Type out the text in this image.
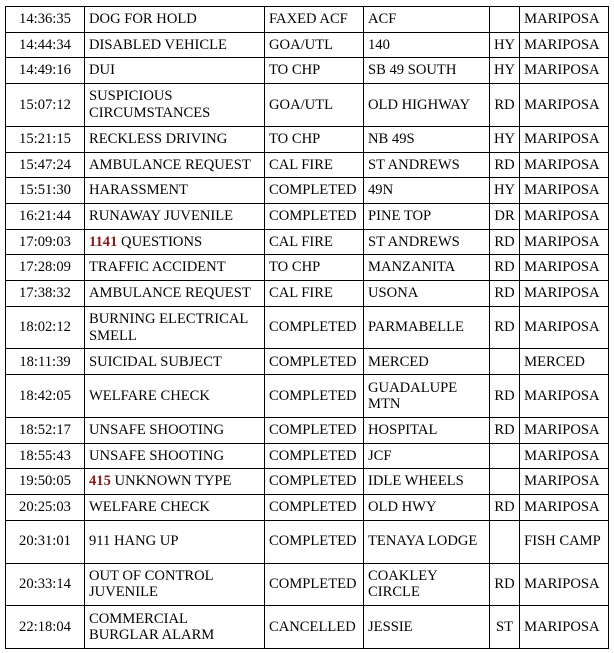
14:36:35	DOG FOR HOLD	FAXED ACF	ACF		MARIPOSA
14:44:34	DISABLED VEHICLE	GOA/UTL	140	HY	MARIPOSA
14:49:16	DUI	TO CHP	SB 49 SOUTH	HY	MARIPOSA
15:07:12	SUSPICIOUS CIRCUMSTANCES	GOA/UTL	OLD HIGHWAY	RD	MARIPOSA
15:21:15	RECKLESS DRIVING	TO CHP	NB 49S	HY	MARIPOSA
15:47:24	AMBULANCE REQUEST	CAL FIRE	ST ANDREWS	RD	MARIPOSA
15:51:30	HARASSMENT	COMPLETED	49N	HY	MARIPOSA
16:21:44	RUNAWAY JUVENILE	COMPLETED	PINE TOP	DR	MARIPOSA
17:09:03	1141 QUESTIONS	CAL FIRE	ST ANDREWS	RD	MARIPOSA
17:28:09	TRAFFIC ACCIDENT	TO CHP	MANZANITA	RD	MARIPOSA
17:38:32	AMBULANCE REQUEST	CAL FIRE	USONA	RD	MARIPOSA
18:02:12	BURNING ELECTRICAL SMELL	COMPLETED	PARMABELLE	RD	MARIPOSA
18:11:39	SUICIDAL SUBJECT	COMPLETED	MERCED		MERCED
18:42:05	WELFARE CHECK	COMPLETED	GUADALUPE MTN	RD	MARIPOSA
18:52:17	UNSAFE SHOOTING	COMPLETED	HOSPITAL	RD	MARIPOSA
18:55:43	UNSAFE SHOOTING	COMPLETED	JCF		MARIPOSA
19:50:05	415 UNKNOWN TYPE	COMPLETED	IDLE WHEELS		MARIPOSA
20:25:03	WELFARE CHECK	COMPLETED	OLD HWY	RD	MARIPOSA
20:31:01	911 HANG UP	COMPLETED	TENAYA LODGE		FISH CAMP
20:33:14	OUT OF CONTROL JUVENILE	COMPLETED	COAKLEY CIRCLE	RD	MARIPOSA
22:18:04	COMMERCIAL BURGLAR ALARM	CANCELLED	JESSIE	ST	MARIPOSA
